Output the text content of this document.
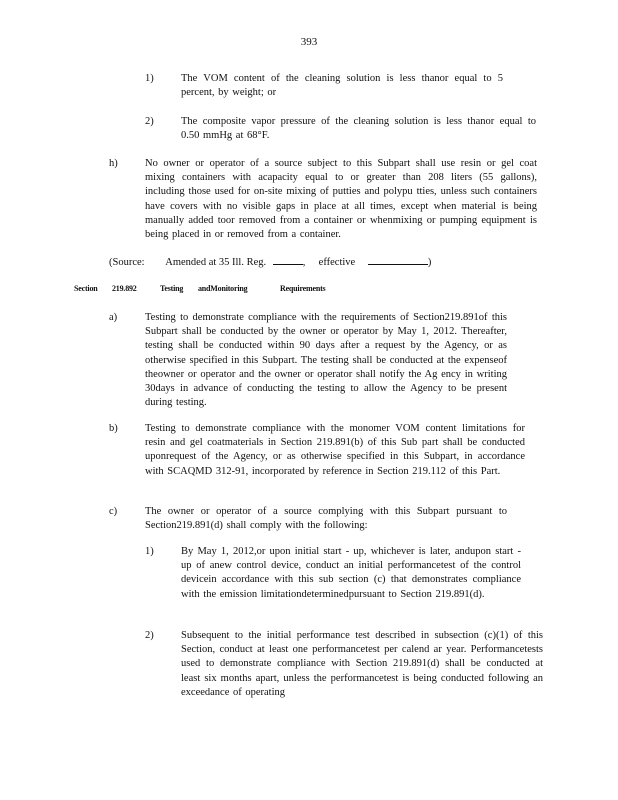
393
1)	The VOM content of the cleaning solution is less thanor equal to 5 percent, by weight; or
2)	The composite vapor pressure of the cleaning solution is less thanor equal to 0.50 mmHg at 68°F.
h)	No owner or operator of a source subject to this Subpart shall use resin or gel coat mixing containers with acapacity equal to or greater than 208 liters (55 gallons), including those used for on-site mixing of putties and polypu tties, unless such containers have covers with no visible gaps in place at all times, except when material is being manually added toor removed from a container or whenmixing or pumping equipment is being placed in or removed from a container.
(Source: Amended at 35 Ill. Reg.	, effective	)
Section 219.892	Testing andMonitoring	Requirements
a)	Testing to demonstrate compliance with the requirements of Section219.891of this Subpart shall be conducted by the owner or operator by May 1, 2012. Thereafter, testing shall be conducted within 90 days after a request by the Agency, or as otherwise specified in this Subpart. The testing shall be conducted at the expenseof theowner or operator and the owner or operator shall notify the Ag ency in writing 30days in advance of conducting the testing to allow the Agency to be present during testing.
b)	Testing to demonstrate compliance with the monomer VOM content limitations for resin and gel coatmaterials in Section 219.891(b) of this Sub part shall be conducted uponrequest of the Agency, or as otherwise specified in this Subpart, in accordance with SCAQMD 312-91, incorporated by reference in Section 219.112 of this Part.
c)	The owner or operator of a source complying with this Subpart pursuant to Section219.891(d) shall comply with the following:
1)	By May 1, 2012,or upon initial start - up, whichever is later, andupon start -up of anew control device, conduct an initial performancetest of the control devicein accordance with this sub section (c) that demonstrates compliance with the emission limitationdeterminedpursuant to Section 219.891(d).
2)	Subsequent to the initial performance test described in subsection (c)(1) of this Section, conduct at least one performancetest per calend ar year. Performancetests used to demonstrate compliance with Section 219.891(d) shall be conducted at least six months apart, unless the performancetest is being conducted following an exceedance of operating
